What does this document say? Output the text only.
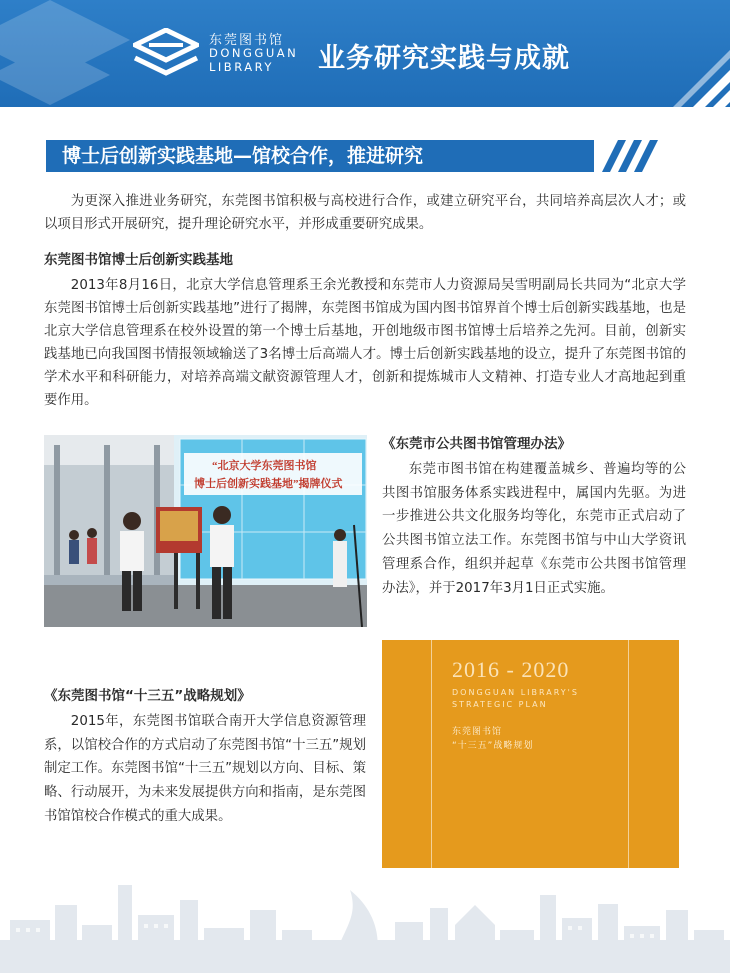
东莞图书馆
DONGGUAN
LIBRARY	业务研究实践与成就
博士后创新实践基地—馆校合作，推进研究

为更深入推进业务研究，东莞图书馆积极与高校进行合作，或建立研究平台，共同培养高层次人才；或以项目形式开展研究，提升理论研究水平，并形成重要研究成果。

东莞图书馆博士后创新实践基地

2013年8月16日，北京大学信息管理系王余光教授和东莞市人力资源局吴雪明副局长共同为“北京大学东莞图书馆博士后创新实践基地”进行了揭牌，东莞图书馆成为国内图书馆界首个博士后创新实践基地，也是北京大学信息管理系在校外设置的第一个博士后基地，开创地级市图书馆博士后培养之先河。目前，创新实践基地已向我国图书情报领域输送了3名博士后高端人才。博士后创新实践基地的设立，提升了东莞图书馆的学术水平和科研能力，对培养高端文献资源管理人才，创新和提炼城市人文精神、打造专业人才高地起到重要作用。

“北京大学东莞图书馆
博士后创新实践基地”揭牌仪式

《东莞市公共图书馆管理办法》

东莞市图书馆在构建覆盖城乡、普遍均等的公共图书馆服务体系实践进程中，属国内先驱。为进一步推进公共文化服务均等化，东莞市正式启动了公共图书馆立法工作。东莞图书馆与中山大学资讯管理系合作，组织并起草《东莞市公共图书馆管理办法》，并于2017年3月1日正式实施。

《东莞图书馆“十三五”战略规划》

2015年，东莞图书馆联合南开大学信息资源管理系，以馆校合作的方式启动了东莞图书馆“十三五”规划制定工作。东莞图书馆“十三五”规划以方向、目标、策略、行动展开，为未来发展提供方向和指南，是东莞图书馆馆校合作模式的重大成果。

2016 - 2020
DONGGUAN LIBRARY'S
STRATEGIC PLAN
东莞图书馆
“十三五”战略规划
